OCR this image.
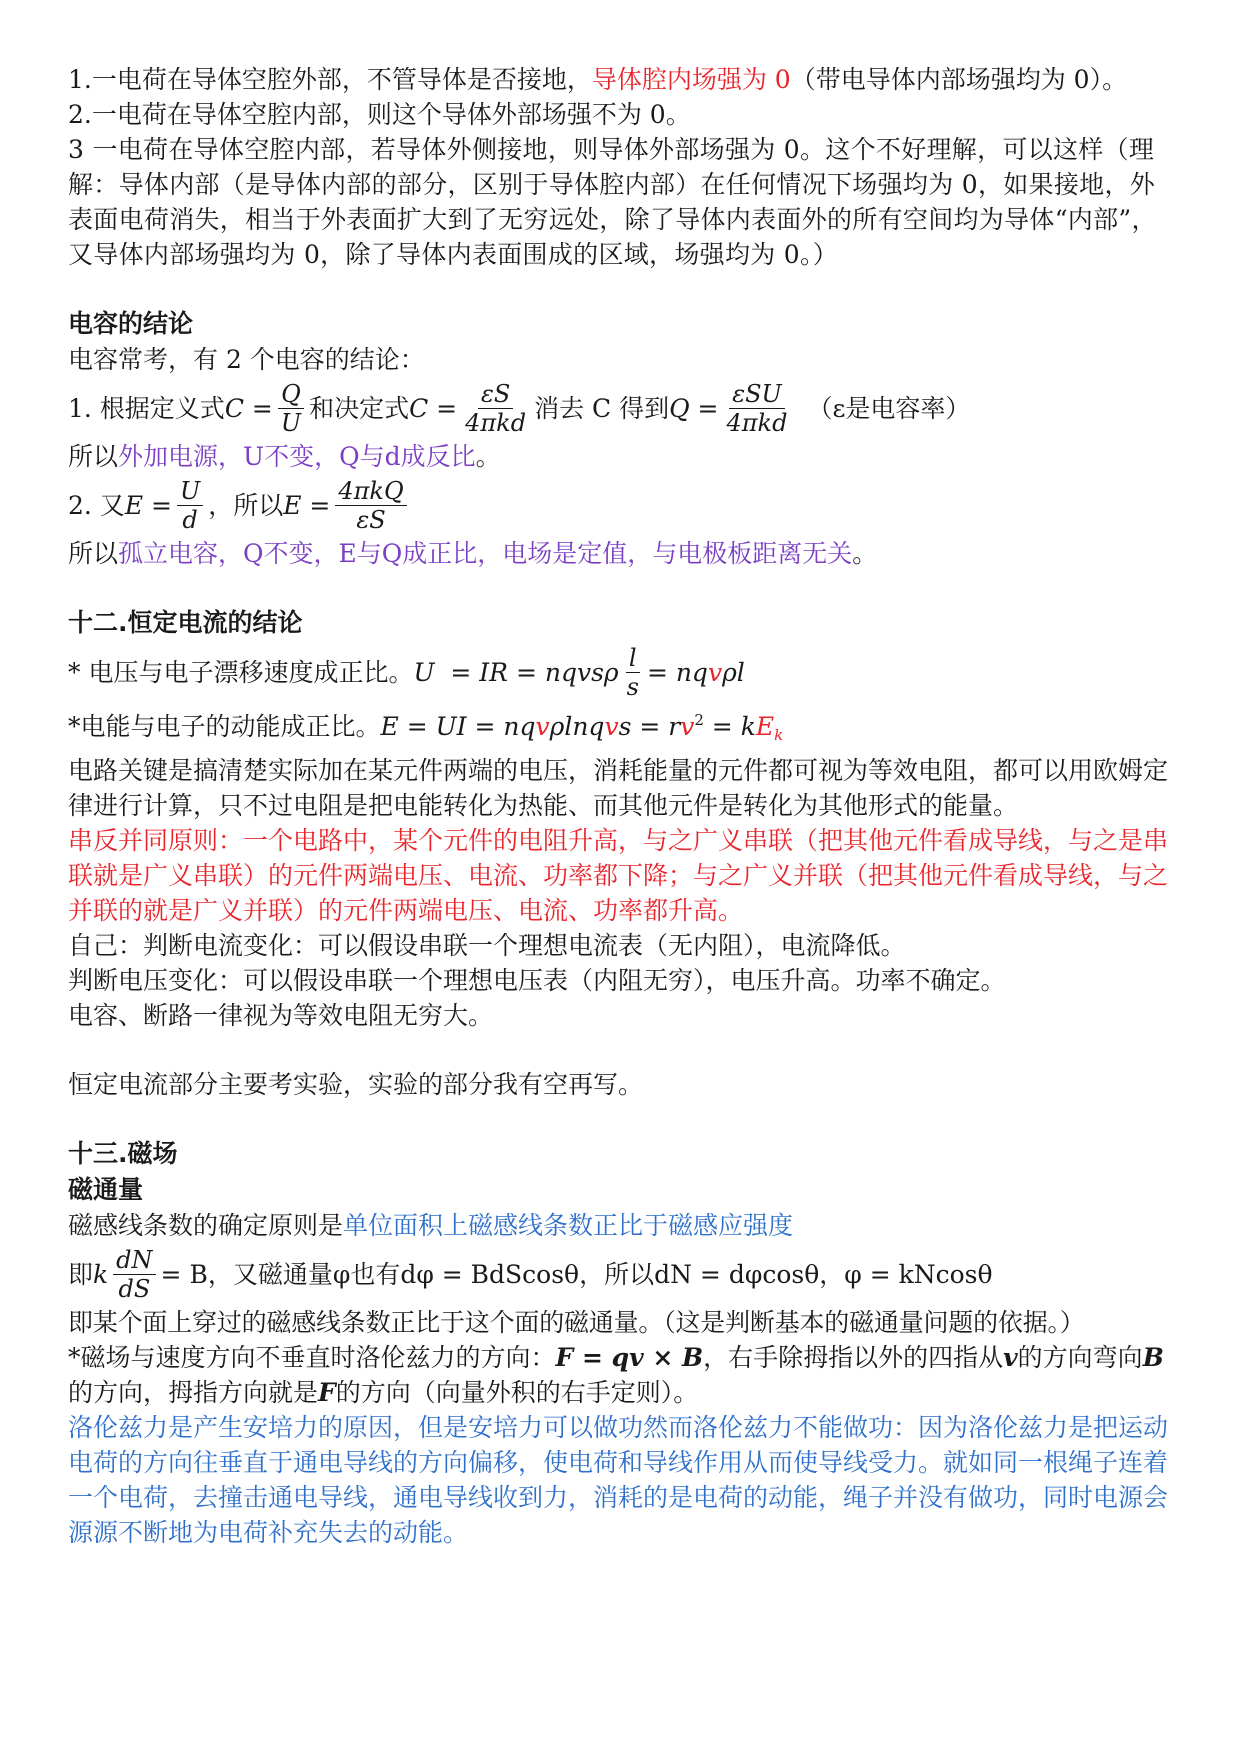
1.一电荷在导体空腔外部，不管导体是否接地，导体腔内场强为 0（带电导体内部场强均为 0）。
2.一电荷在导体空腔内部，则这个导体外部场强不为 0。
3 一电荷在导体空腔内部，若导体外侧接地，则导体外部场强为 0。这个不好理解，可以这样（理解：导体内部（是导体内部的部分，区别于导体腔内部）在任何情况下场强均为 0，如果接地，外表面电荷消失，相当于外表面扩大到了无穷远处，除了导体内表面外的所有空间均为导体“内部”，又导体内部场强均为 0，除了导体内表面围成的区域，场强均为 0。）
电容的结论
电容常考，有 2 个电容的结论：
1. 根据定义式 $C = \frac{Q}{U}$ 和决定式 $C = \frac{\varepsilon S}{\text{4πkd}}$ 消去 C 得到 $Q = \frac{\text{εSU}}{\text{4πkd}} (\varepsilon$是电容率）
所以外加电源，U不变，Q与d成反比。
2. 又 $E = \frac{U}{d}$ ，所以 $E = \frac{\text{4πkQ}}{\varepsilon S}$
所以孤立电容，Q不变，E与Q成正比，电场是定值，与电极板距离无关。
十二.恒定电流的结论
* 电压与电子漂移速度成正比。 U  = IR = nqvsρ $\frac{l}{s}$ = nq v ρl
*电能与电子的动能成正比。E = UI = nqvρlnqvs = $rv^2 = kE_k$
电路关键是搞清楚实际加在某元件两端的电压，消耗能量的元件都可视为等效电阻，都可以用欧姆定律进行计算，只不过电阻是把电能转化为热能、而其他元件是转化为其他形式的能量。
串反并同原则：一个电路中，某个元件的电阻升高，与之广义串联（把其他元件看成导线，与之是串联就是广义串联）的元件两端电压、电流、功率都下降；与之广义并联（把其他元件看成导线，与之并联的就是广义并联）的元件两端电压、电流、功率都升高。
自己：判断电流变化：可以假设串联一个理想电流表（无内阻），电流降低。
判断电压变化：可以假设串联一个理想电压表（内阻无穷），电压升高。功率不确定。
电容、断路一律视为等效电阻无穷大。
恒定电流部分主要考实验，实验的部分我有空再写。
十三.磁场
磁通量
磁感线条数的确定原则是单位面积上磁感线条数正比于磁感应强度
即 k $\frac{dN}{dS} = B$，又磁通量φ也有dφ = BdScosθ，所以dN = dφcosθ，φ = kNcosθ
即某个面上穿过的磁感线条数正比于这个面的磁通量。（这是判断基本的磁通量问题的依据。）
*磁场与速度方向不垂直时洛伦兹力的方向：F = qv × B，右手除拇指以外的四指从v的方向弯向B的方向，拇指方向就是F的方向（向量外积的右手定则）。
洛伦兹力是产生安培力的原因，但是安培力可以做功然而洛伦兹力不能做功：因为洛伦兹力是把运动电荷的方向往垂直于通电导线的方向偏移，使电荷和导线作用从而使导线受力。就如同一根绳子连着一个电荷，去撞击通电导线，通电导线收到力，消耗的是电荷的动能，绳子并没有做功，同时电源会源源不断地为电荷补充失去的动能。
